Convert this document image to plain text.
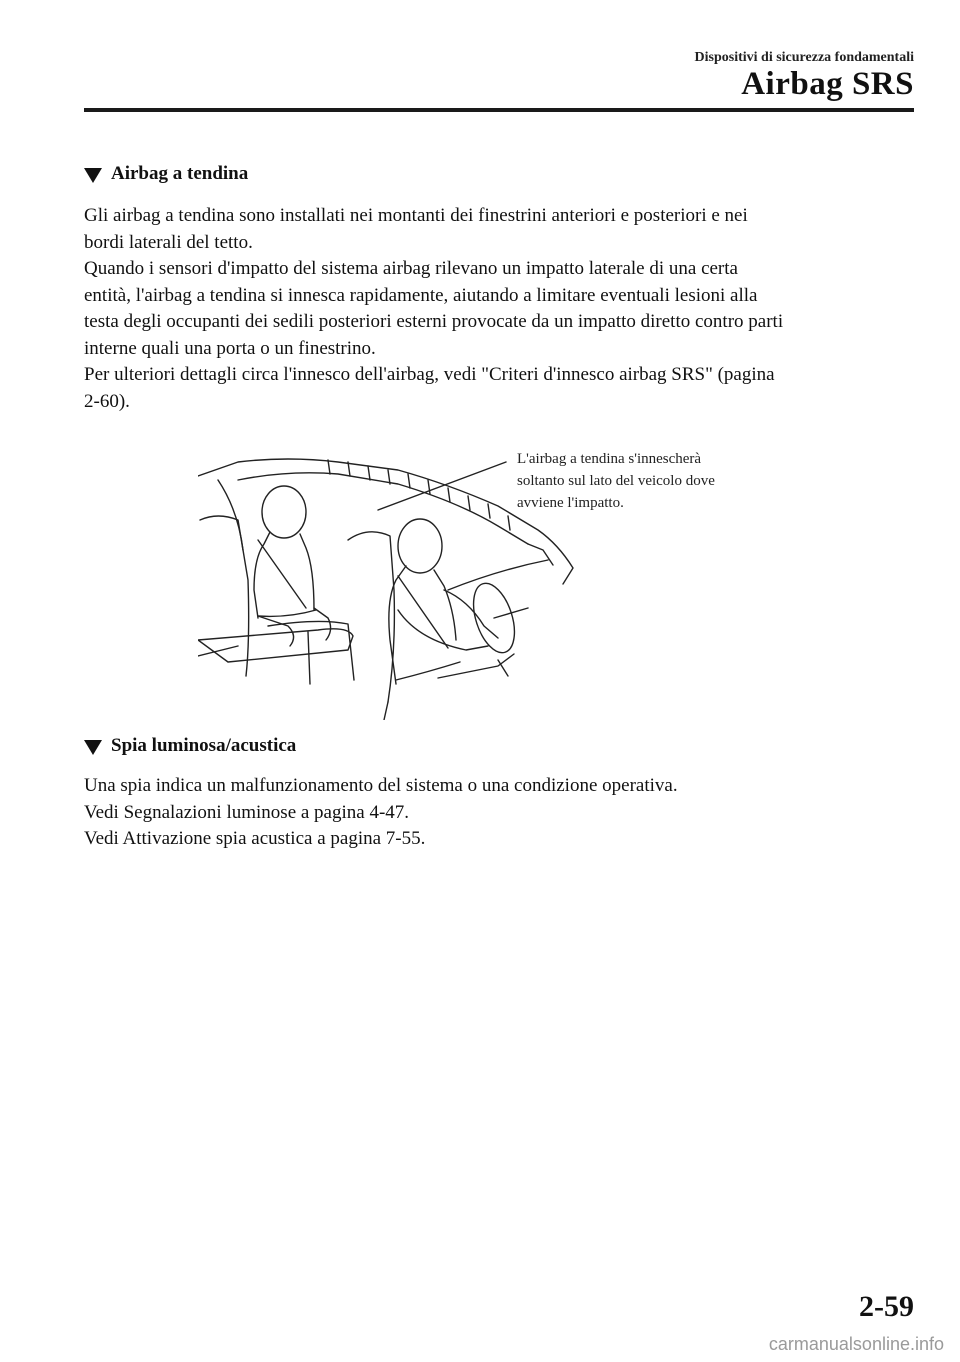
Dispositivi di sicurezza fondamentali
Airbag SRS
Airbag a tendina

Gli airbag a tendina sono installati nei montanti dei finestrini anteriori e posteriori e nei
bordi laterali del tetto.
Quando i sensori d'impatto del sistema airbag rilevano un impatto laterale di una certa
entità, l'airbag a tendina si innesca rapidamente, aiutando a limitare eventuali lesioni alla
testa degli occupanti dei sedili posteriori esterni provocate da un impatto diretto contro parti
interne quali una porta o un finestrino.
Per ulteriori dettagli circa l'innesco dell'airbag, vedi "Criteri d'innesco airbag SRS" (pagina
2-60).

L'airbag a tendina s'innescherà
soltanto sul lato del veicolo dove
avviene l'impatto.
Spia luminosa/acustica

Una spia indica un malfunzionamento del sistema o una condizione operativa.
Vedi Segnalazioni luminose a pagina 4-47.
Vedi Attivazione spia acustica a pagina 7-55.

2-59
carmanualsonline.info
